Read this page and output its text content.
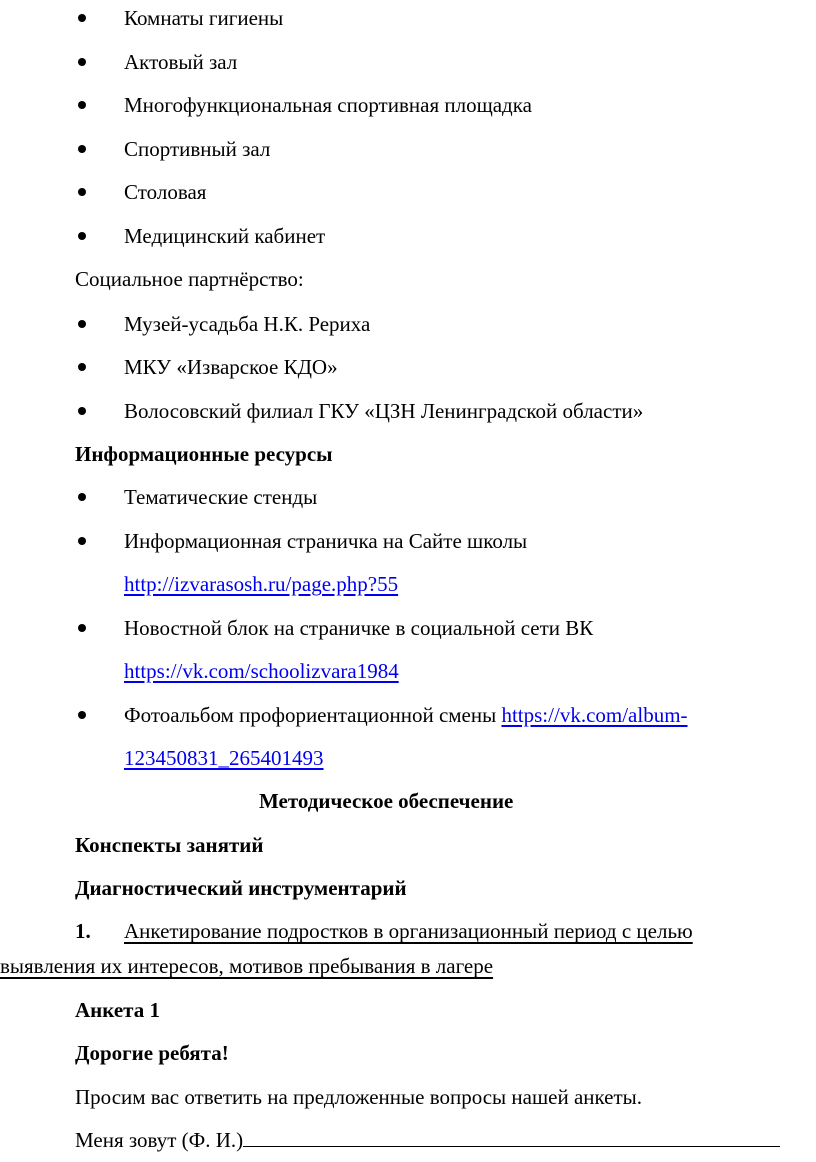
Комнаты гигиены
Актовый зал
Многофункциональная спортивная площадка
Спортивный зал
Столовая
Медицинский кабинет
Социальное партнёрство:
Музей-усадьба Н.К. Рериха
МКУ «Изварское КДО»
Волосовский филиал ГКУ «ЦЗН Ленинградской области»
Информационные ресурсы
Тематические стенды
Информационная страничка на Сайте школы
http://izvarasosh.ru/page.php?55
Новостной блок на страничке в социальной сети ВК
https://vk.com/schoolizvara1984
Фотоальбом профориентационной смены https://vk.com/album-
123450831_265401493
Методическое обеспечение
Конспекты занятий
Диагностический инструментарий
1. Анкетирование подростков в организационный период с целью
выявления их интересов, мотивов пребывания в лагере
Анкета 1
Дорогие ребята!
Просим вас ответить на предложенные вопросы нашей анкеты.
Меня зовут (Ф. И.)
